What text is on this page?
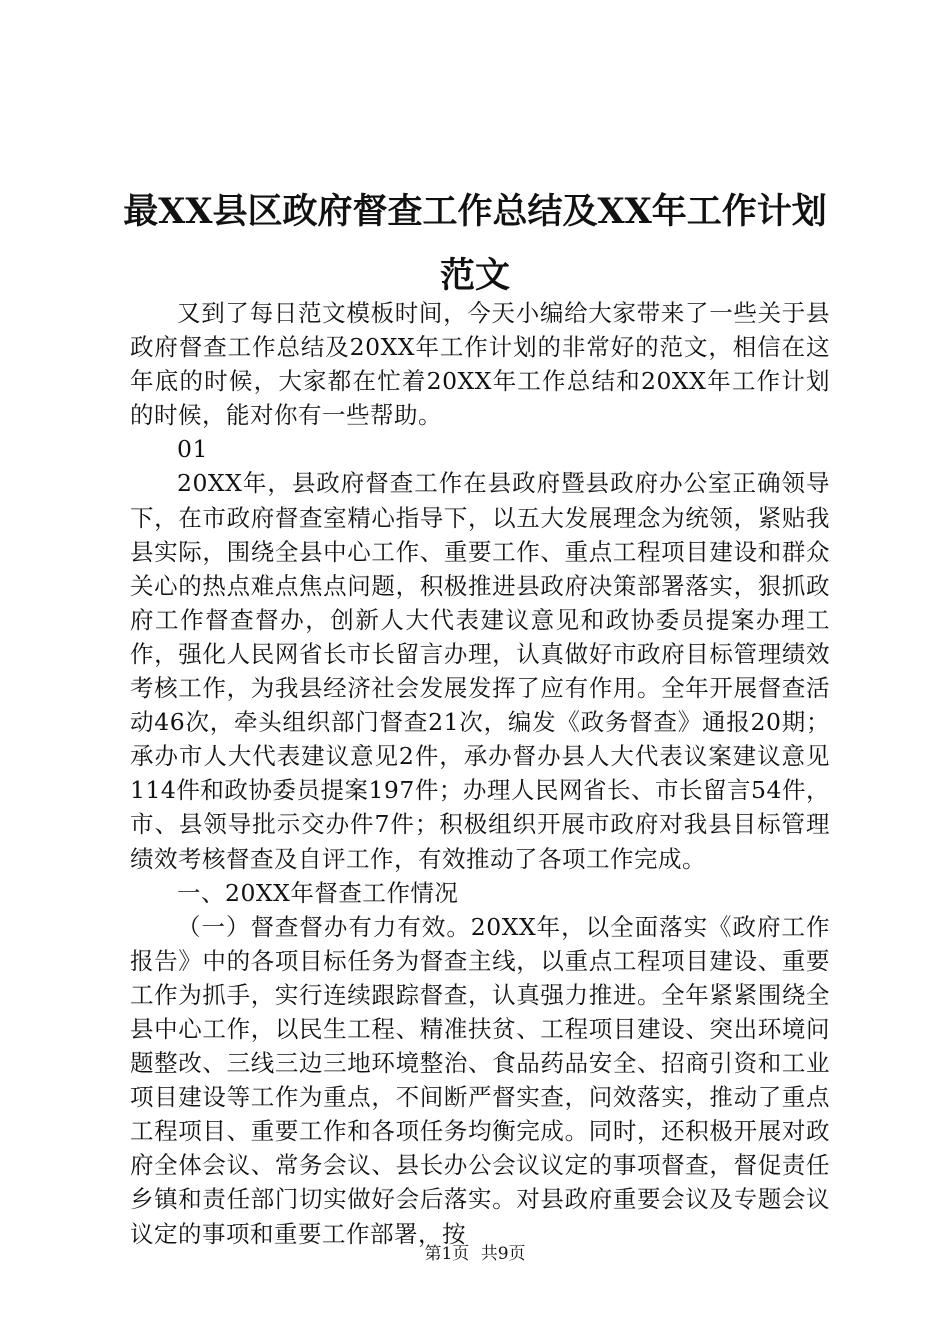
最XX县区政府督查工作总结及XX年工作计划范文

又到了每日范文模板时间，今天小编给大家带来了一些关于县政府督查工作总结及20XX年工作计划的非常好的范文，相信在这年底的时候，大家都在忙着20XX年工作总结和20XX年工作计划的时候，能对你有一些帮助。

01

20XX年，县政府督查工作在县政府暨县政府办公室正确领导下，在市政府督查室精心指导下，以五大发展理念为统领，紧贴我县实际，围绕全县中心工作、重要工作、重点工程项目建设和群众关心的热点难点焦点问题，积极推进县政府决策部署落实，狠抓政府工作督查督办，创新人大代表建议意见和政协委员提案办理工作，强化人民网省长市长留言办理，认真做好市政府目标管理绩效考核工作，为我县经济社会发展发挥了应有作用。全年开展督查活动46次，牵头组织部门督查21次，编发《政务督查》通报20期；承办市人大代表建议意见2件，承办督办县人大代表议案建议意见114件和政协委员提案197件；办理人民网省长、市长留言54件，市、县领导批示交办件7件；积极组织开展市政府对我县目标管理绩效考核督查及自评工作，有效推动了各项工作完成。

一、20XX年督查工作情况

（一）督查督办有力有效。20XX年，以全面落实《政府工作报告》中的各项目标任务为督查主线，以重点工程项目建设、重要工作为抓手，实行连续跟踪督查，认真强力推进。全年紧紧围绕全县中心工作，以民生工程、精准扶贫、工程项目建设、突出环境问题整改、三线三边三地环境整治、食品药品安全、招商引资和工业项目建设等工作为重点，不间断严督实查，问效落实，推动了重点工程项目、重要工作和各项任务均衡完成。同时，还积极开展对政府全体会议、常务会议、县长办公会议议定的事项督查，督促责任乡镇和责任部门切实做好会后落实。对县政府重要会议及专题会议议定的事项和重要工作部署，按

第1页 共9页
